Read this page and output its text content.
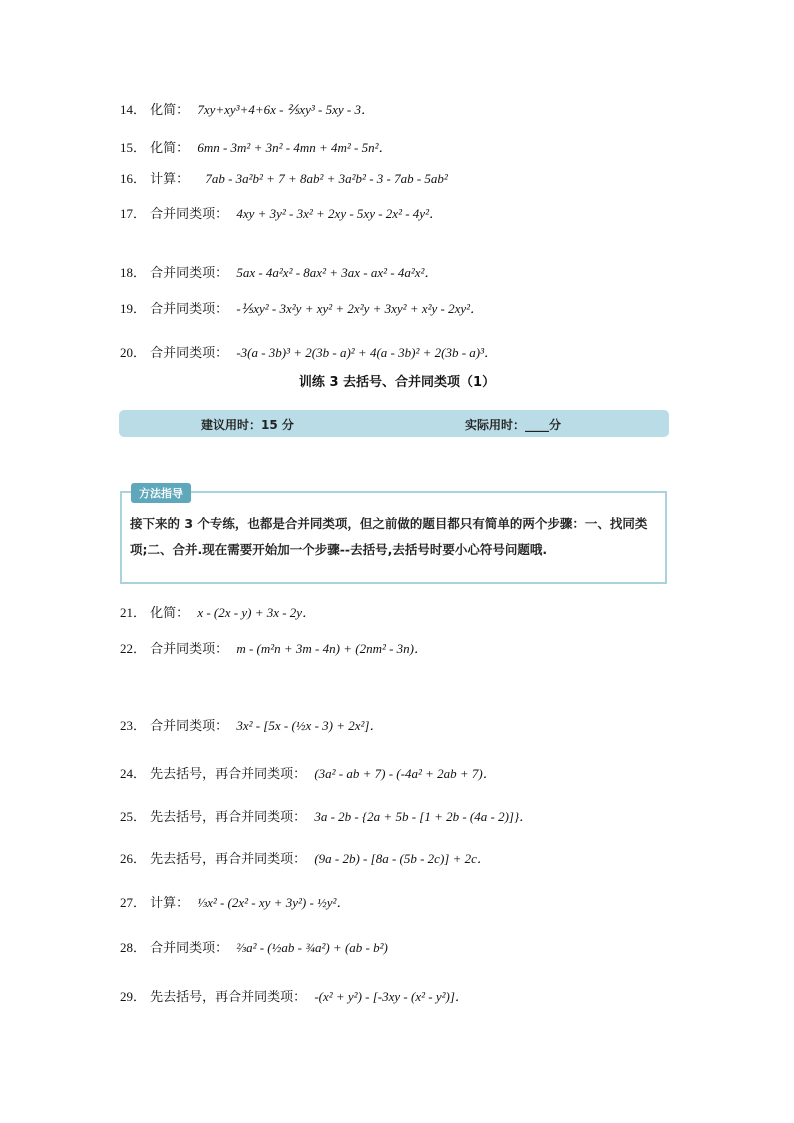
14． 化简： 7xy+xy³+4+6x - ⅖xy³ - 5xy - 3．
15． 化简： 6mn - 3m² + 3n² - 4mn + 4m² - 5n²．
16． 计算： 7ab - 3a²b² + 7 + 8ab² + 3a²b² - 3 - 7ab - 5ab²
17． 合并同类项： 4xy + 3y² - 3x² + 2xy - 5xy - 2x² - 4y²．
18． 合并同类项： 5ax - 4a²x² - 8ax² + 3ax - ax² - 4a²x²．
19． 合并同类项： -⅕xy² - 3x²y + xy² + 2x²y + 3xy² + x²y - 2xy²．
20． 合并同类项： -3(a - 3b)³ + 2(3b - a)² + 4(a - 3b)² + 2(3b - a)³．
训练 3 去括号、合并同类项（1）
建议用时：15 分	实际用时：____分
方法指导
接下来的 3 个专练，也都是合并同类项，但之前做的题目都只有简单的两个步骤：一、找同类项;二、合并.现在需要开始加一个步骤--去括号,去括号时要小心符号问题哦.
21． 化简： x - (2x - y) + 3x - 2y．
22． 合并同类项： m - (m²n + 3m - 4n) + (2nm² - 3n)．
23． 合并同类项： 3x² - [5x - (½x - 3) + 2x²]．
24． 先去括号，再合并同类项： (3a² - ab + 7) - (-4a² + 2ab + 7)．
25． 先去括号，再合并同类项： 3a - 2b - {2a + 5b - [1 + 2b - (4a - 2)]}．
26． 先去括号，再合并同类项： (9a - 2b) - [8a - (5b - 2c)] + 2c．
27． 计算： ⅓x² - (2x² - xy + 3y²) - ½y²．
28． 合并同类项： ⅔a² - (½ab - ¾a²) + (ab - b²)
29． 先去括号，再合并同类项： -(x² + y²) - [-3xy - (x² - y²)]．
